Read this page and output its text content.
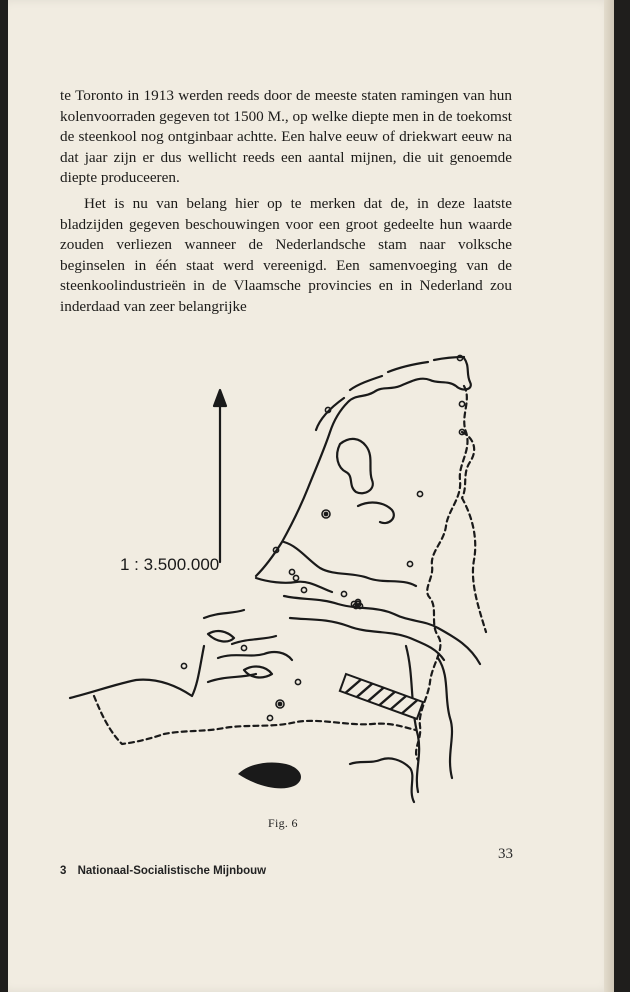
te Toronto in 1913 werden reeds door de meeste staten ramingen van hun kolenvoorraden gegeven tot 1500 M., op welke diepte men in de toekomst de steenkool nog ontginbaar achtte. Een halve eeuw of driekwart eeuw na dat jaar zijn er dus wellicht reeds een aantal mijnen, die uit genoemde diepte produceeren.

Het is nu van belang hier op te merken dat de, in deze laatste bladzijden gegeven beschouwingen voor een groot gedeelte hun waarde zouden verliezen wanneer de Nederlandsche stam naar volksche beginselen in één staat werd vereenigd. Een samenvoeging van de steenkoolindustrieën in de Vlaamsche provincies en in Nederland zou inderdaad van zeer belangrijke

1 : 3.500.000
Fig. 6
33
3 Nationaal-Socialistische Mijnbouw
